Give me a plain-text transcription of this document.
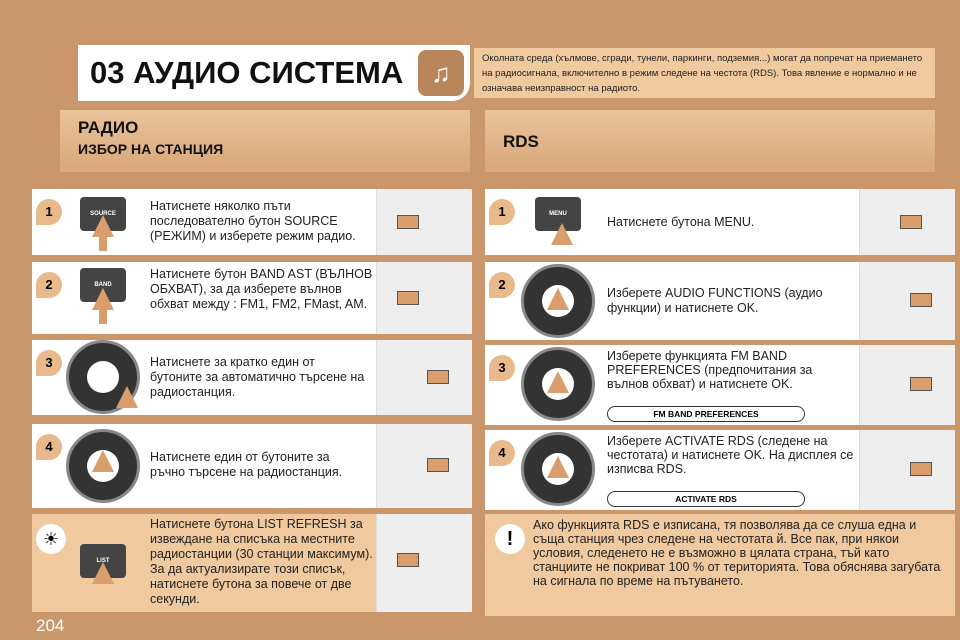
03 АУДИО СИСТЕМА	♫	Околната среда (хълмове, сгради, тунели, паркинги, подземия...) могат да попречат на приемането на радиосигнала, включително в режим следене на честота (RDS). Това явление е нормално и не означава неизправност на радиото.
РАДИО
ИЗБОР НА СТАНЦИЯ	RDS
1	SOURCE
Натиснете няколко пъти последователно бутон SOURCE (РЕЖИМ) и изберете режим радио.
2	BAND
Натиснете бутон BAND AST (ВЪЛНОВ ОБХВАТ), за да изберете вълнов обхват между : FM1, FM2, FMast, AM.
3	Натиснете за кратко един от бутоните за автоматично търсене на радиостанция.
4
Натиснете един от бутоните за ръчно търсене на радиостанция.
☀
LIST
Натиснете бутона LIST REFRESH за извеждане на списъка на местните радиостанции (30 станции максимум). За да актуализирате този списък, натиснете бутона за повече от две секунди.
1	MENU
Натиснете бутона MENU.
2
Изберете AUDIO FUNCTIONS (аудио функции) и натиснете OK.
3
Изберете функцията FM BAND PREFERENCES (предпочитания за вълнов обхват) и натиснете OK.
FM BAND PREFERENCES
4
Изберете ACTIVATE RDS (следене на честотата) и натиснете OK. На дисплея се изписва RDS.
ACTIVATE RDS
!
Ако функцията RDS е изписана, тя позволява да се слуша една и съща станция чрез следене на честотата й. Все пак, при някои условия, следенето не е възможно в цялата страна, тъй като станциите не покриват 100 % от територията. Това обяснява загубата на сигнала по време на пътуването.
204
